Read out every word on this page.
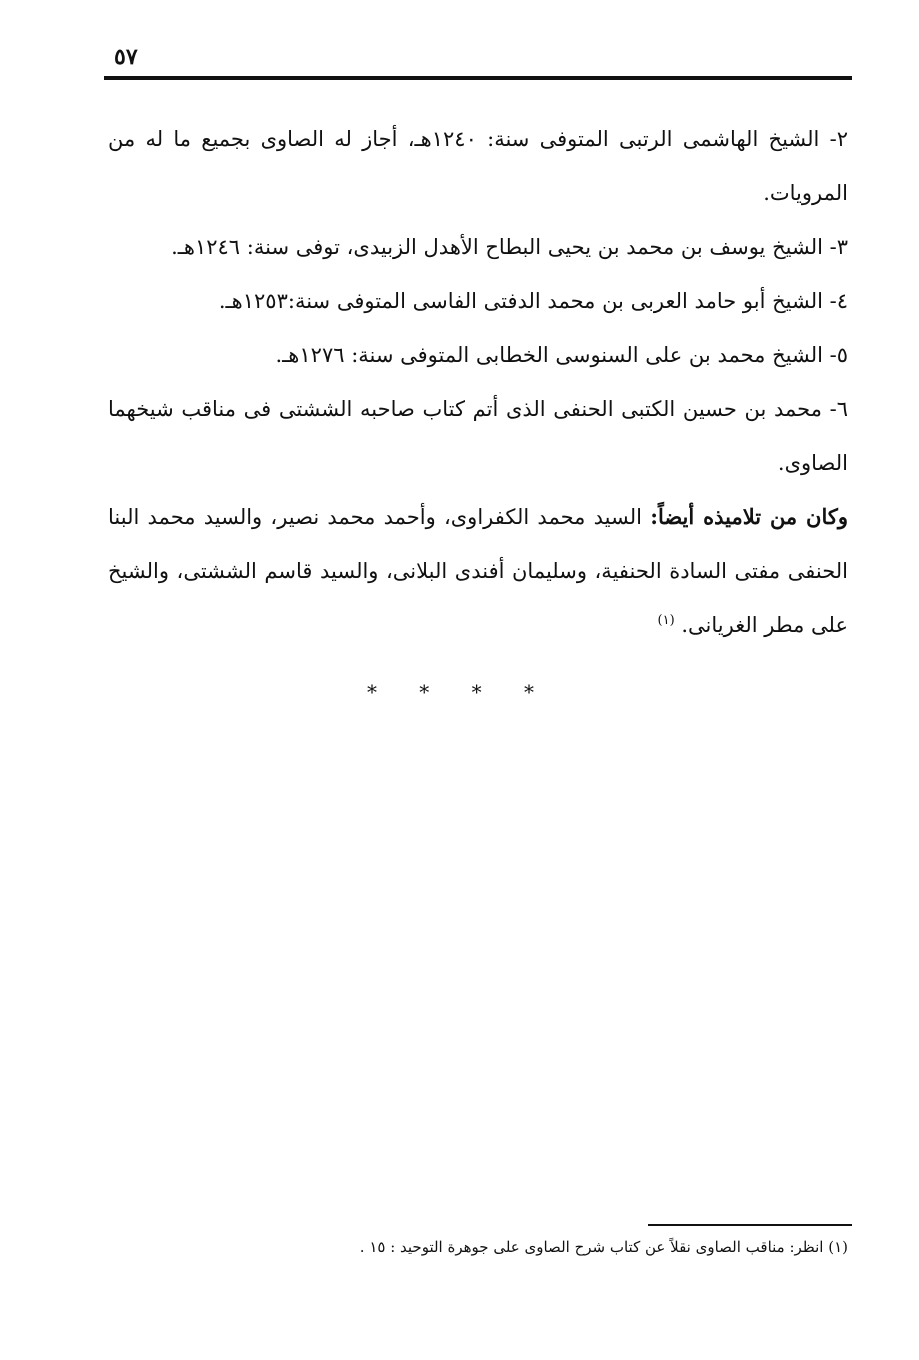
٥٧

٢- الشيخ الهاشمى الرتبى المتوفى سنة: ١٢٤٠هـ، أجاز له الصاوى بجميع ما له من المرويات.

٣- الشيخ يوسف بن محمد بن يحيى البطاح الأهدل الزبيدى، توفى سنة: ١٢٤٦هـ.

٤- الشيخ أبو حامد العربى بن محمد الدفتى الفاسى المتوفى سنة:١٢٥٣هـ.

٥- الشيخ محمد بن على السنوسى الخطابى المتوفى سنة: ١٢٧٦هـ.

٦- محمد بن حسين الكتبى الحنفى الذى أتم كتاب صاحبه الششتى فى مناقب شيخهما الصاوى.

وكان من تلاميذه أيضاً: السيد محمد الكفراوى، وأحمد محمد نصير، والسيد محمد البنا الحنفى مفتى السادة الحنفية، وسليمان أفندى البلانى، والسيد قاسم الششتى، والشيخ على مطر الغريانى. $^{(١)}$

* * * *
(١) انظر: مناقب الصاوى نقلاً عن كتاب شرح الصاوى على جوهرة التوحيد : ١٥ .
